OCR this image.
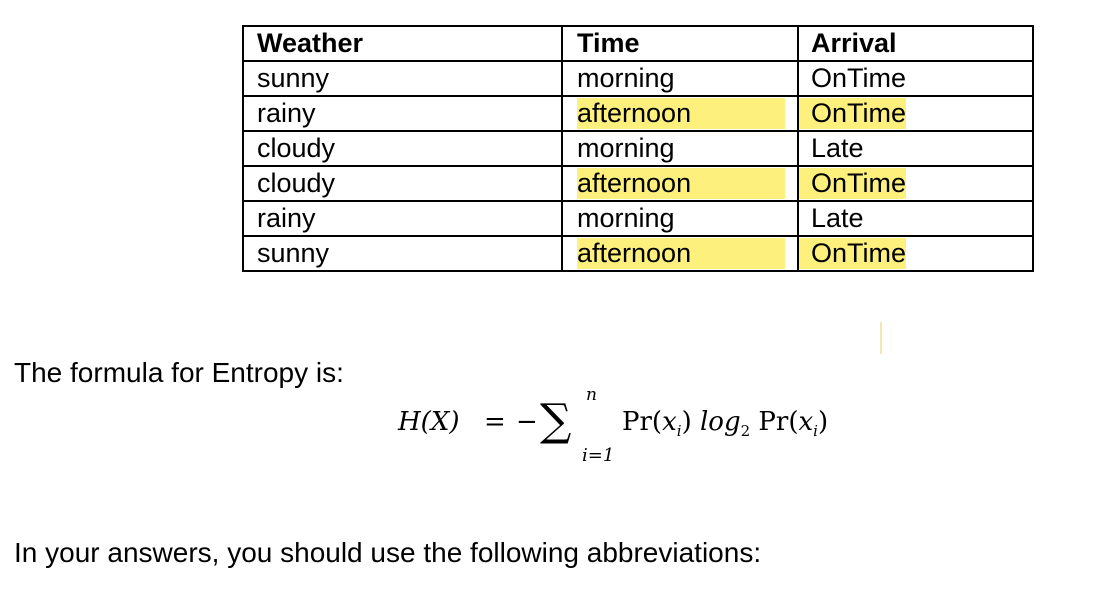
Weather	Time	Arrival
sunny	morning	OnTime
rainy	afternoon	OnTime
cloudy	morning	Late
cloudy	afternoon	OnTime
rainy	morning	Late
sunny	afternoon	OnTime
The formula for Entropy is:
H(X) = − ∑ n
i=1
$Pr(x_i)$ $\log_2 Pr(x_i)$
In your answers, you should use the following abbreviations:
